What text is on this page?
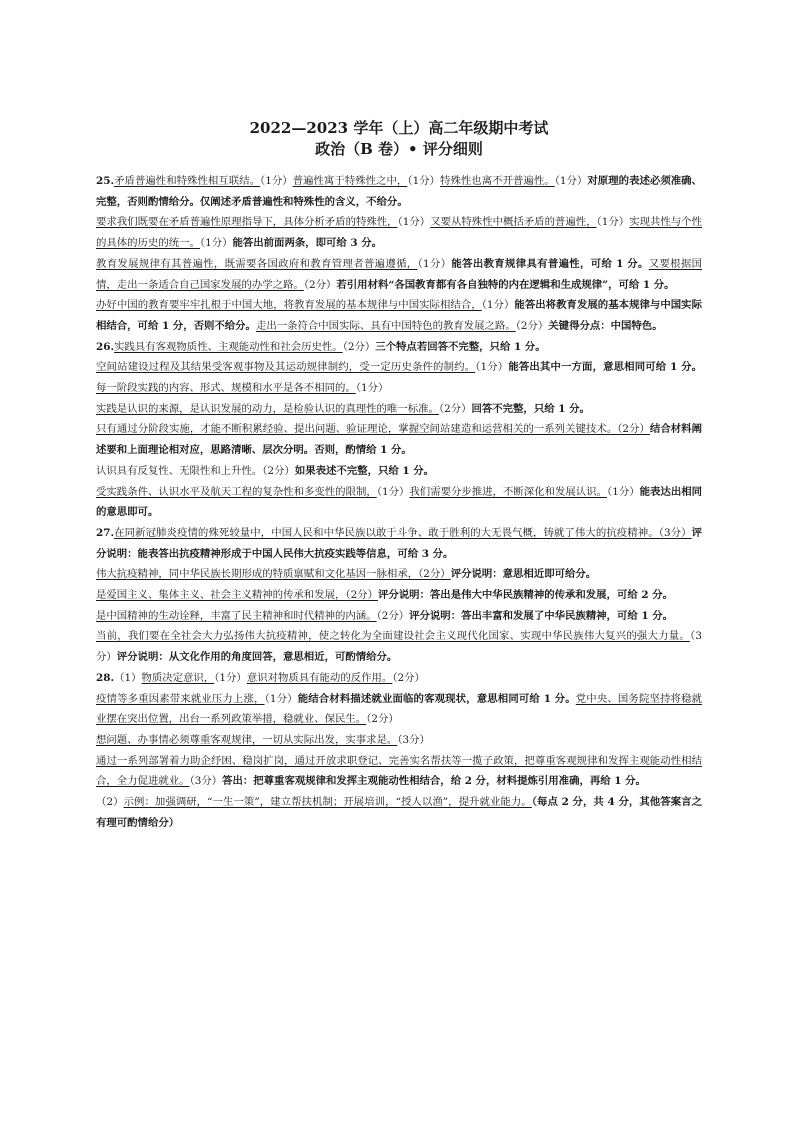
2022—2023 学年（上）高二年级期中考试

政治（B 卷）• 评分细则

25.矛盾普遍性和特殊性相互联结。（1分）普遍性寓于特殊性之中，（1分）特殊性也离不开普遍性。（1分）对原理的表述必须准确、完整，否则酌情给分。仅阐述矛盾普遍性和特殊性的含义，不给分。

要求我们既要在矛盾普遍性原理指导下，具体分析矛盾的特殊性，（1分）又要从特殊性中概括矛盾的普遍性，（1分）实现共性与个性的具体的历史的统一。（1分）能答出前面两条，即可给 3 分。

教育发展规律有其普遍性，既需要各国政府和教育管理者普遍遵循，（1分）能答出教育规律具有普遍性，可给 1 分。又要根据国情，走出一条适合自己国家发展的办学之路。（2分）若引用材料“各国教育都有各自独特的内在逻辑和生成规律”，可给 1 分。

办好中国的教育要牢牢扎根于中国大地，将教育发展的基本规律与中国实际相结合，（1分）能答出将教育发展的基本规律与中国实际相结合，可给 1 分，否则不给分。走出一条符合中国实际、具有中国特色的教育发展之路。（2分）关键得分点：中国特色。

26.实践具有客观物质性、主观能动性和社会历史性。（2分）三个特点若回答不完整，只给 1 分。

空间站建设过程及其结果受客观事物及其运动规律制约，受一定历史条件的制约。（1分）能答出其中一方面，意思相同可给 1 分。每一阶段实践的内容、形式、规模和水平是各不相同的。（1分）

实践是认识的来源，是认识发展的动力，是检验认识的真理性的唯一标准。（2分）回答不完整，只给 1 分。

只有通过分阶段实施，才能不断积累经验、提出问题、验证理论，掌握空间站建造和运营相关的一系列关键技术。（2分）结合材料阐述要和上面理论相对应，思路清晰、层次分明。否则，酌情给 1 分。

认识具有反复性、无限性和上升性。（2分）如果表述不完整，只给 1 分。

受实践条件、认识水平及航天工程的复杂性和多变性的限制，（1分）我们需要分步推进，不断深化和发展认识。（1分）能表达出相同的意思即可。

27.在同新冠肺炎疫情的殊死较量中，中国人民和中华民族以敢于斗争、敢于胜利的大无畏气概，铸就了伟大的抗疫精神。（3分）评分说明：能表答出抗疫精神形成于中国人民伟大抗疫实践等信息，可给 3 分。

伟大抗疫精神，同中华民族长期形成的特质禀赋和文化基因一脉相承，（2分）评分说明：意思相近即可给分。

是爱国主义、集体主义、社会主义精神的传承和发展，（2分）评分说明：答出是伟大中华民族精神的传承和发展，可给 2 分。

是中国精神的生动诠释，丰富了民主精神和时代精神的内涵。（2分）评分说明：答出丰富和发展了中华民族精神，可给 1 分。

当前，我们要在全社会大力弘扬伟大抗疫精神，使之转化为全面建设社会主义现代化国家、实现中华民族伟大复兴的强大力量。（3分）评分说明：从文化作用的角度回答，意思相近，可酌情给分。

28.（1）物质决定意识，（1分）意识对物质具有能动的反作用。（2分）

疫情等多重因素带来就业压力上涨，（1分）能结合材料描述就业面临的客观现状，意思相同可给 1 分。党中央、国务院坚持将稳就业摆在突出位置，出台一系列政策举措，稳就业、保民生。（2分）

想问题、办事情必须尊重客观规律，一切从实际出发，实事求是。（3分）

通过一系列部署着力助企纾困、稳岗扩岗，通过开放求职登记、完善实名帮扶等一揽子政策，把尊重客观规律和发挥主观能动性相结合，全力促进就业。（3分）答出：把尊重客观规律和发挥主观能动性相结合，给 2 分，材料提炼引用准确，再给 1 分。

（2）示例：加强调研，“一生一策”，建立帮扶机制；开展培训，“授人以渔”，提升就业能力。（每点 2 分，共 4 分，其他答案言之有理可酌情给分）
